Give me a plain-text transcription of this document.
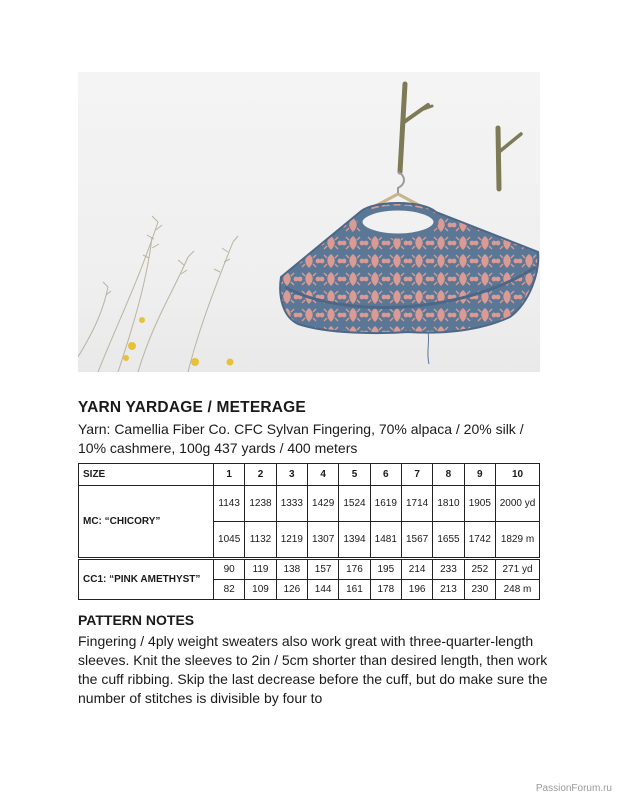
YARN YARDAGE / METERAGE

Yarn: Camellia Fiber Co. CFC Sylvan Fingering, 70% alpaca / 20% silk / 10% cashmere, 100g 437 yards / 400 meters

SIZE	1	2	3	4	5	6	7	8	9	10
MC: “CHICORY”	1143	1238	1333	1429	1524	1619	1714	1810	1905	2000 yd
	1045	1132	1219	1307	1394	1481	1567	1655	1742	1829 m

CC1: “PINK AMETHYST”	90	119	138	157	176	195	214	233	252	271 yd
	82	109	126	144	161	178	196	213	230	248 m
PATTERN NOTES

Fingering / 4ply weight sweaters also work great with three-quarter-length sleeves. Knit the sleeves to 2in / 5cm shorter than desired length, then work the cuff ribbing. Skip the last decrease before the cuff, but do make sure the number of stitches is divisible by four to

PassionForum.ru
